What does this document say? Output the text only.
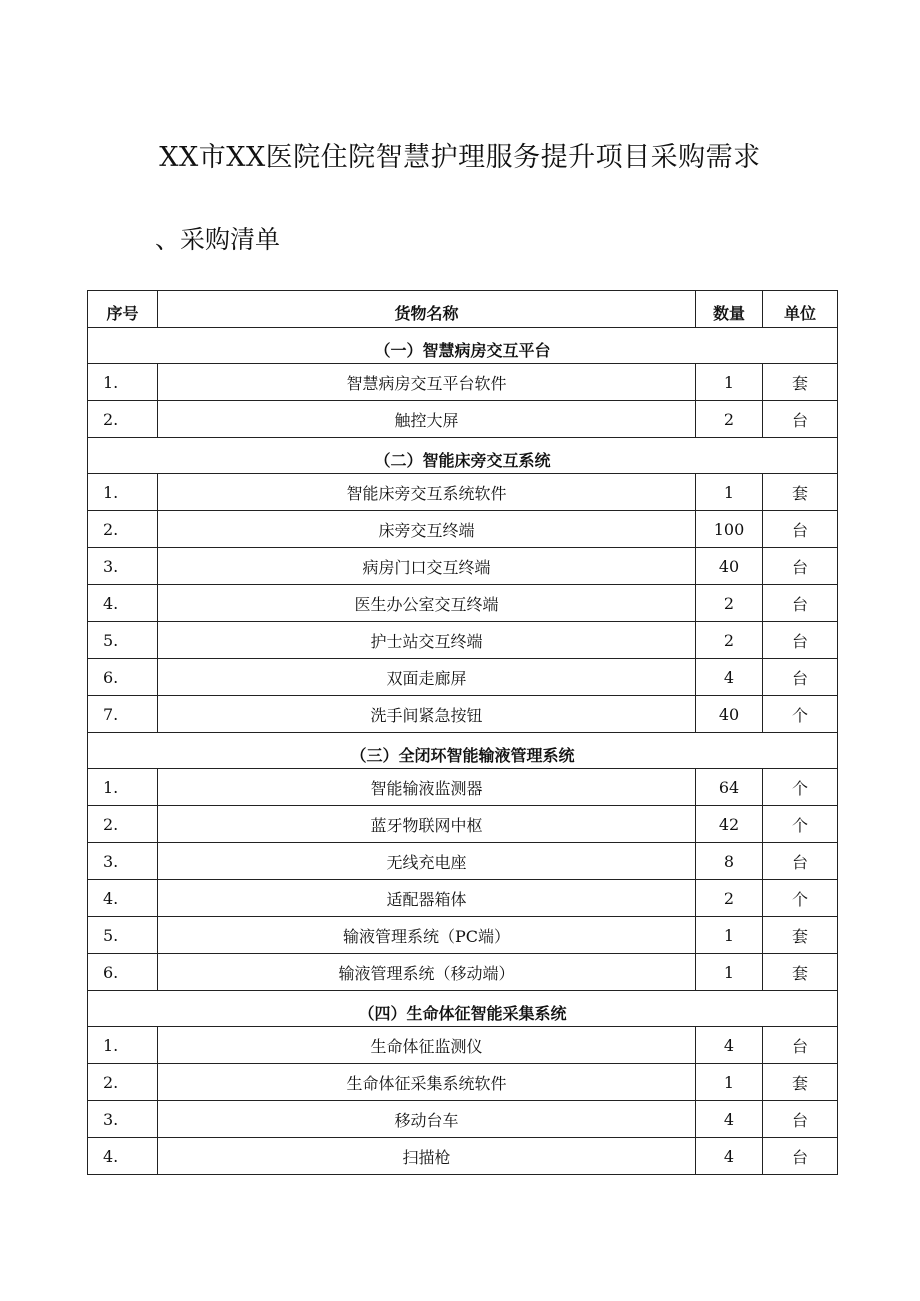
XX市XX医院住院智慧护理服务提升项目采购需求
、采购清单
序号	货物名称	数量	单位
（一）智慧病房交互平台			
1.	智慧病房交互平台软件	1	套
2.	触控大屏	2	台
（二）智能床旁交互系统			
1.	智能床旁交互系统软件	1	套
2.	床旁交互终端	100	台
3.	病房门口交互终端	40	台
4.	医生办公室交互终端	2	台
5.	护士站交互终端	2	台
6.	双面走廊屏	4	台
7.	洗手间紧急按钮	40	个
（三）全闭环智能输液管理系统			
1.	智能输液监测器	64	个
2.	蓝牙物联网中枢	42	个
3.	无线充电座	8	台
4.	适配器箱体	2	个
5.	输液管理系统（PC端）	1	套
6.	输液管理系统（移动端）	1	套
（四）生命体征智能采集系统			
1.	生命体征监测仪	4	台
2.	生命体征采集系统软件	1	套
3.	移动台车	4	台
4.	扫描枪	4	台
